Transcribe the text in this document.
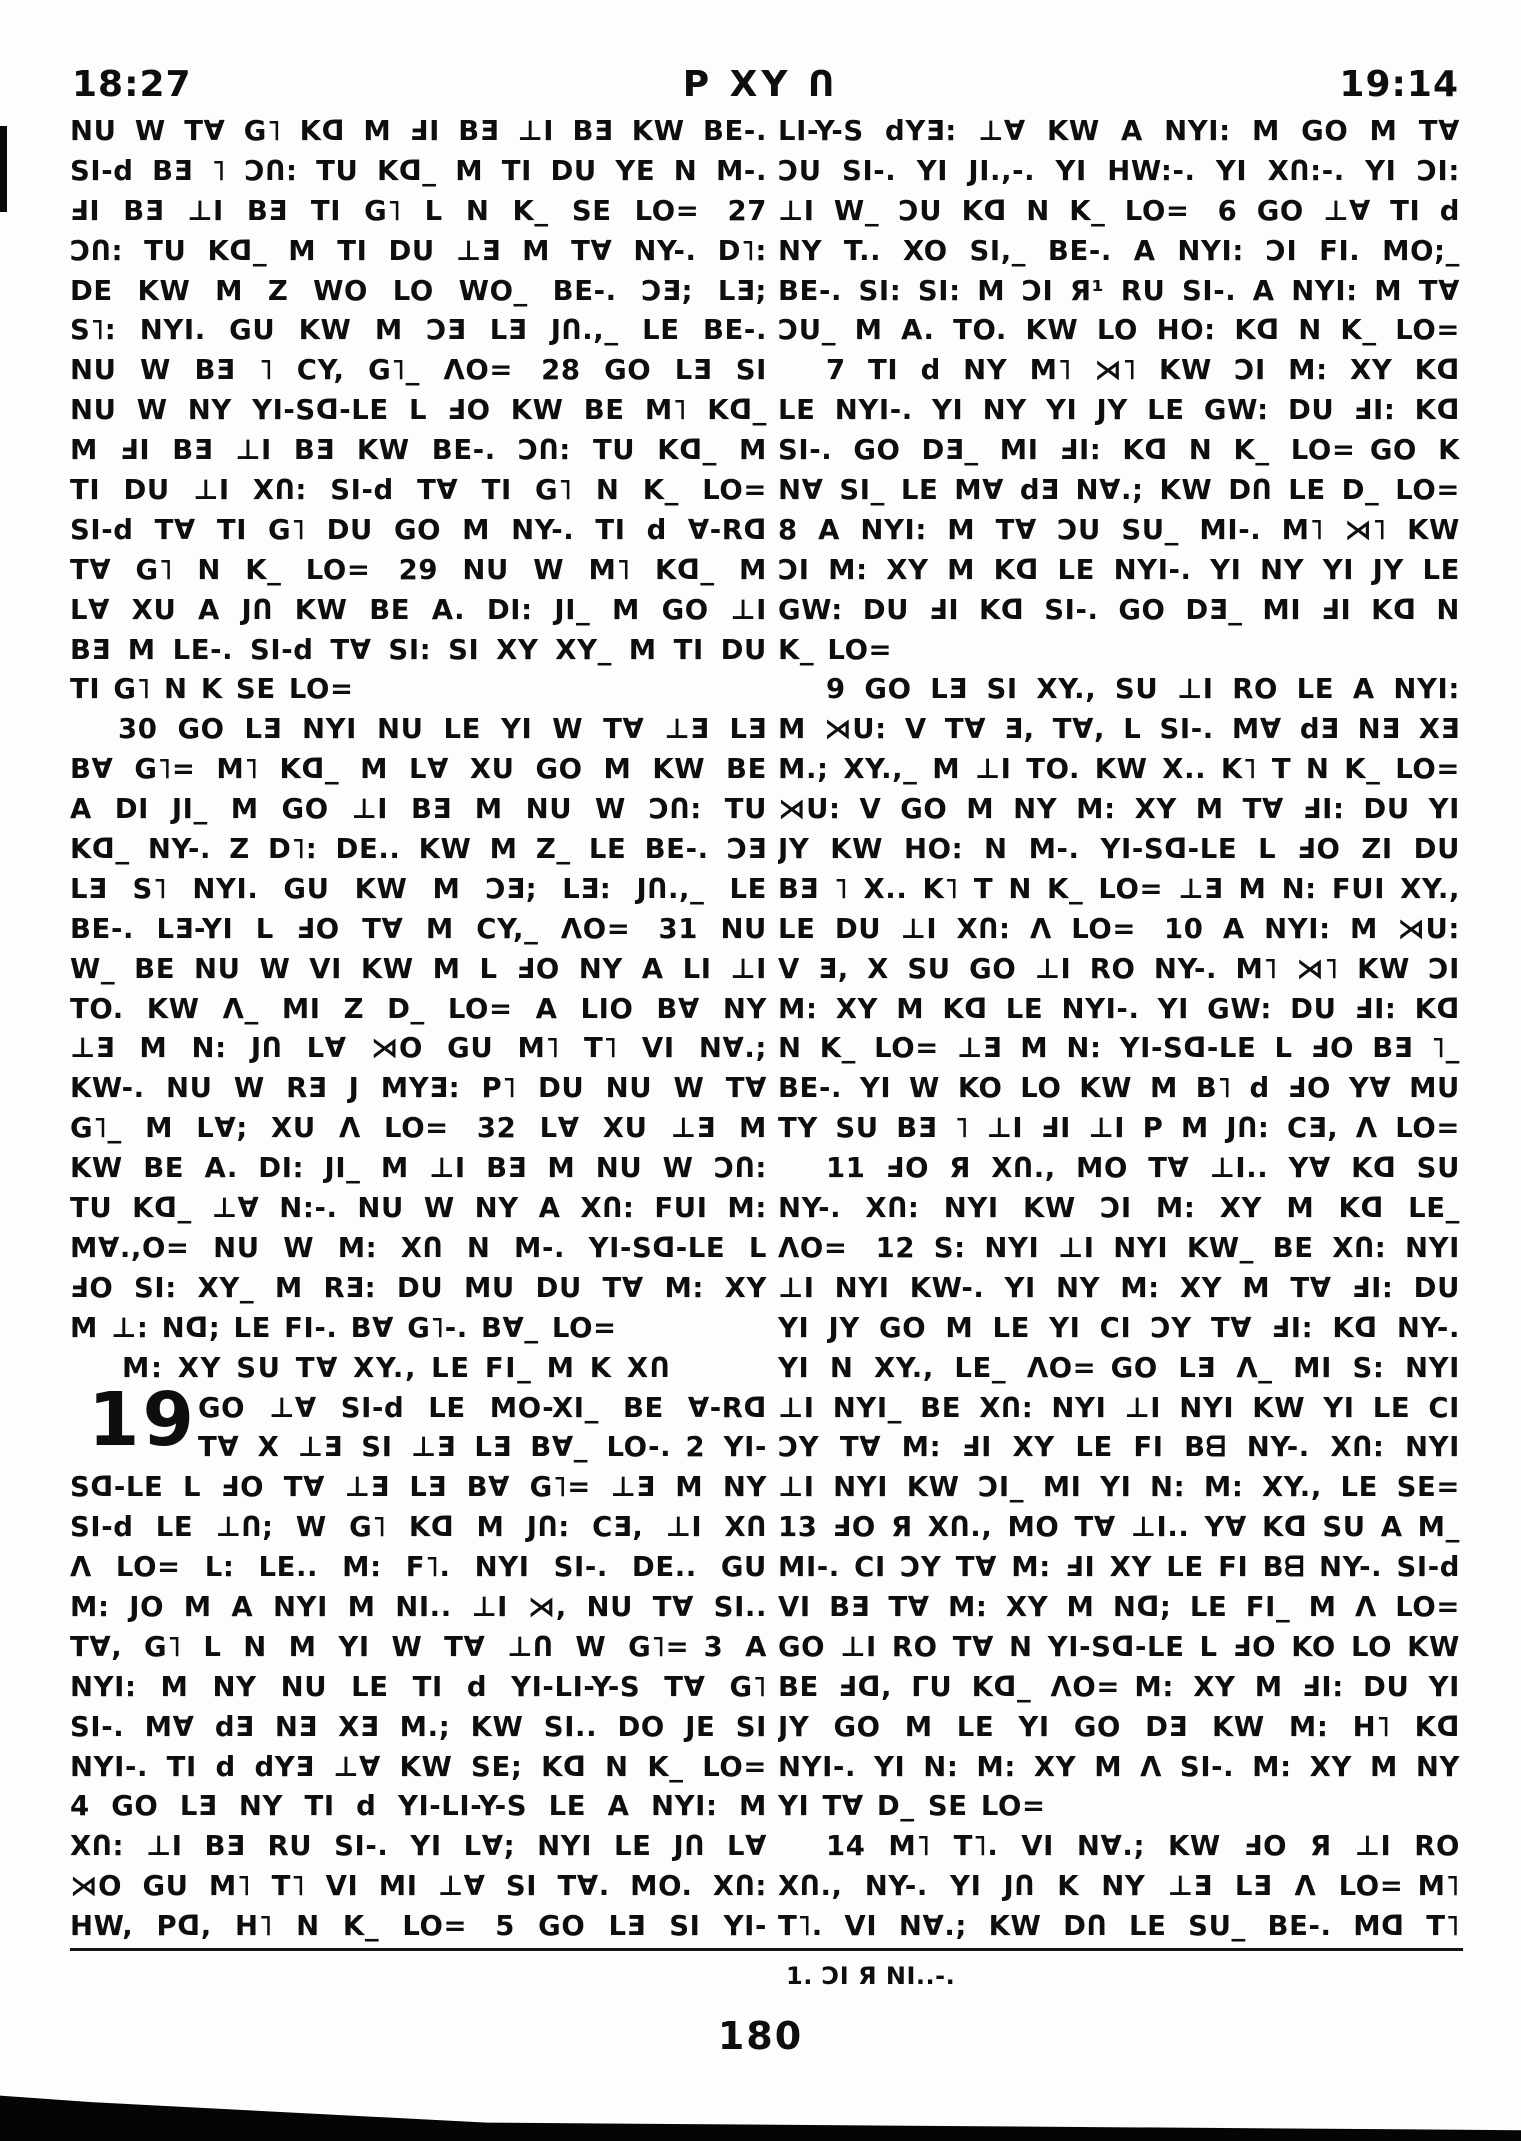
18:27	P XY Ո	19:14
NU W T∀ G˥ Kᗡ M ℲI BƎ ⊥I BƎ KW BE-.
SI-d BƎ ˥ ƆՈ: TU Kᗡ_ M TI DU YE N M-.
ℲI BƎ ⊥I BƎ TI G˥ L N K_ SE LO= 27
ƆՈ: TU Kᗡ_ M TI DU ⊥Ǝ M T∀ NY-. D˥:
DE KW M Z WO LO WO_ BE-. ƆƎ; LƎ;
S˥: NYI. GU KW M ƆƎ LƎ JՈ.,_ LE BE-.
NU W BƎ ˥ CY, G˥_ ΛO= 28 GO LƎ SI
NU W NY YI-Sᗡ-LE L ℲO KW BE M˥ Kᗡ_
M ℲI BƎ ⊥I BƎ KW BE-. ƆՈ: TU Kᗡ_ M
TI DU ⊥I XՈ: SI-d T∀ TI G˥ N K_ LO=
SI-d T∀ TI G˥ DU GO M NY-. TI d ∀-Rᗡ
T∀ G˥ N K_ LO= 29 NU W M˥ Kᗡ_ M
L∀ XU A JՈ KW BE A. DI: JI_ M GO ⊥I
BƎ M LE-. SI-d T∀ SI: SI XY XY_ M TI DU
TI G˥ N K SE LO=
30 GO LƎ NYI NU LE YI W T∀ ⊥Ǝ LƎ
B∀ G˥= M˥ Kᗡ_ M L∀ XU GO M KW BE
A DI JI_ M GO ⊥I BƎ M NU W ƆՈ: TU
Kᗡ_ NY-. Z D˥: DE.. KW M Z_ LE BE-. ƆƎ
LƎ S˥ NYI. GU KW M ƆƎ; LƎ: JՈ.,_ LE
BE-. LƎ-YI L ℲO T∀ M CY,_ ΛO= 31 NU
W_ BE NU W VI KW M L ℲO NY A LI ⊥I
TO. KW Λ_ MI Z D_ LO= A LIO B∀ NY
⊥Ǝ M N: JՈ L∀ ⋊O GU M˥ T˥ VI N∀.;
KW-. NU W RƎ J MYƎ: P˥ DU NU W T∀
G˥_ M L∀; XU Λ LO= 32 L∀ XU ⊥Ǝ M
KW BE A. DI: JI_ M ⊥I BƎ M NU W ƆՈ:
TU Kᗡ_ ⊥∀ N:-. NU W NY A XՈ: FUI M:
M∀.,O= NU W M: XՈ N M-. YI-Sᗡ-LE L
ℲO SI: XY_ M RƎ: DU MU DU T∀ M: XY
M ⊥: Nᗡ; LE FI-. B∀ G˥-. B∀_ LO=
M: XY SU T∀ XY., LE FI_ M K XՈ
19 GO ⊥∀ SI-d LE MO-XI_ BE ∀-Rᗡ
T∀ X ⊥Ǝ SI ⊥Ǝ LƎ B∀_ LO-. 2 YI-
Sᗡ-LE L ℲO T∀ ⊥Ǝ LƎ B∀ G˥= ⊥Ǝ M NY
SI-d LE ⊥Ո; W G˥ Kᗡ M JՈ: CƎ, ⊥I XՈ
Λ LO= L: LE.. M: F˥. NYI SI-. DE.. GU
M: JO M A NYI M NI.. ⊥I ⋊, NU T∀ SI..
T∀, G˥ L N M YI W T∀ ⊥Ո W G˥= 3 A
NYI: M NY NU LE TI d YI-LI-Y-S T∀ G˥
SI-. M∀ dƎ NƎ XƎ M.; KW SI.. DO JE SI
NYI-. TI d dYƎ ⊥∀ KW SE; Kᗡ N K_ LO=
4 GO LƎ NY TI d YI-LI-Y-S LE A NYI: M
XՈ: ⊥I BƎ RU SI-. YI L∀; NYI LE JՈ L∀
⋊O GU M˥ T˥ VI MI ⊥∀ SI T∀. MO. XՈ:
HW, Pᗡ, H˥ N K_ LO= 5 GO LƎ SI YI-
LI-Y-S dYƎ: ⊥∀ KW A NYI: M GO M T∀
ƆU SI-. YI JI.,-. YI HW:-. YI XՈ:-. YI ƆI:
⊥I W_ ƆU Kᗡ N K_ LO= 6 GO ⊥∀ TI d
NY T.. XO SI,_ BE-. A NYI: ƆI FI. MO;_
BE-. SI: SI: M ƆI Я¹ RU SI-. A NYI: M T∀
ƆU_ M A. TO. KW LO HO: Kᗡ N K_ LO=
7 TI d NY M˥ ⋊˥ KW ƆI M: XY Kᗡ
LE NYI-. YI NY YI JY LE GW: DU ℲI: Kᗡ
SI-. GO DƎ_ MI ℲI: Kᗡ N K_ LO= GO K
N∀ SI_ LE M∀ dƎ N∀.; KW DՈ LE D_ LO=
8 A NYI: M T∀ ƆU SU_ MI-. M˥ ⋊˥ KW
ƆI M: XY M Kᗡ LE NYI-. YI NY YI JY LE
GW: DU ℲI Kᗡ SI-. GO DƎ_ MI ℲI Kᗡ N
K_ LO=
9 GO LƎ SI XY., SU ⊥I RO LE A NYI:
M ⋊U: V T∀ Ǝ, T∀, L SI-. M∀ dƎ NƎ XƎ
M.; XY.,_ M ⊥I TO. KW X.. K˥ T N K_ LO=
⋊U: V GO M NY M: XY M T∀ ℲI: DU YI
JY KW HO: N M-. YI-Sᗡ-LE L ℲO ZI DU
BƎ ˥ X.. K˥ T N K_ LO= ⊥Ǝ M N: FUI XY.,
LE DU ⊥I XՈ: Λ LO= 10 A NYI: M ⋊U:
V Ǝ, X SU GO ⊥I RO NY-. M˥ ⋊˥ KW ƆI
M: XY M Kᗡ LE NYI-. YI GW: DU ℲI: Kᗡ
N K_ LO= ⊥Ǝ M N: YI-Sᗡ-LE L ℲO BƎ ˥_
BE-. YI W KO LO KW M B˥ d ℲO Y∀ MU
TY SU BƎ ˥ ⊥I ℲI ⊥I P M JՈ: CƎ, Λ LO=
11 ℲO Я XՈ., MO T∀ ⊥I.. Y∀ Kᗡ SU
NY-. XՈ: NYI KW ƆI M: XY M Kᗡ LE_
ΛO= 12 S: NYI ⊥I NYI KW_ BE XՈ: NYI
⊥I NYI KW-. YI NY M: XY M T∀ ℲI: DU
YI JY GO M LE YI CI ƆY T∀ ℲI: Kᗡ NY-.
YI N XY., LE_ ΛO= GO LƎ Λ_ MI S: NYI
⊥I NYI_ BE XՈ: NYI ⊥I NYI KW YI LE CI
ƆY T∀ M: ℲI XY LE FI Bᗺ NY-. XՈ: NYI
⊥I NYI KW ƆI_ MI YI N: M: XY., LE SE=
13 ℲO Я XՈ., MO T∀ ⊥I.. Y∀ Kᗡ SU A M_
MI-. CI ƆY T∀ M: ℲI XY LE FI Bᗺ NY-. SI-d
VI BƎ T∀ M: XY M Nᗡ; LE FI_ M Λ LO=
GO ⊥I RO T∀ N YI-Sᗡ-LE L ℲO KO LO KW
BE Ⅎᗡ, ΓU Kᗡ_ ΛO= M: XY M ℲI: DU YI
JY GO M LE YI GO DƎ KW M: H˥ Kᗡ
NYI-. YI N: M: XY M Λ SI-. M: XY M NY
YI T∀ D_ SE LO=
14 M˥ T˥. VI N∀.; KW ℲO Я ⊥I RO
XՈ., NY-. YI JՈ K NY ⊥Ǝ LƎ Λ LO= M˥
T˥. VI N∀.; KW DՈ LE SU_ BE-. Mᗡ T˥
1. ƆI Я NI..-.
180
